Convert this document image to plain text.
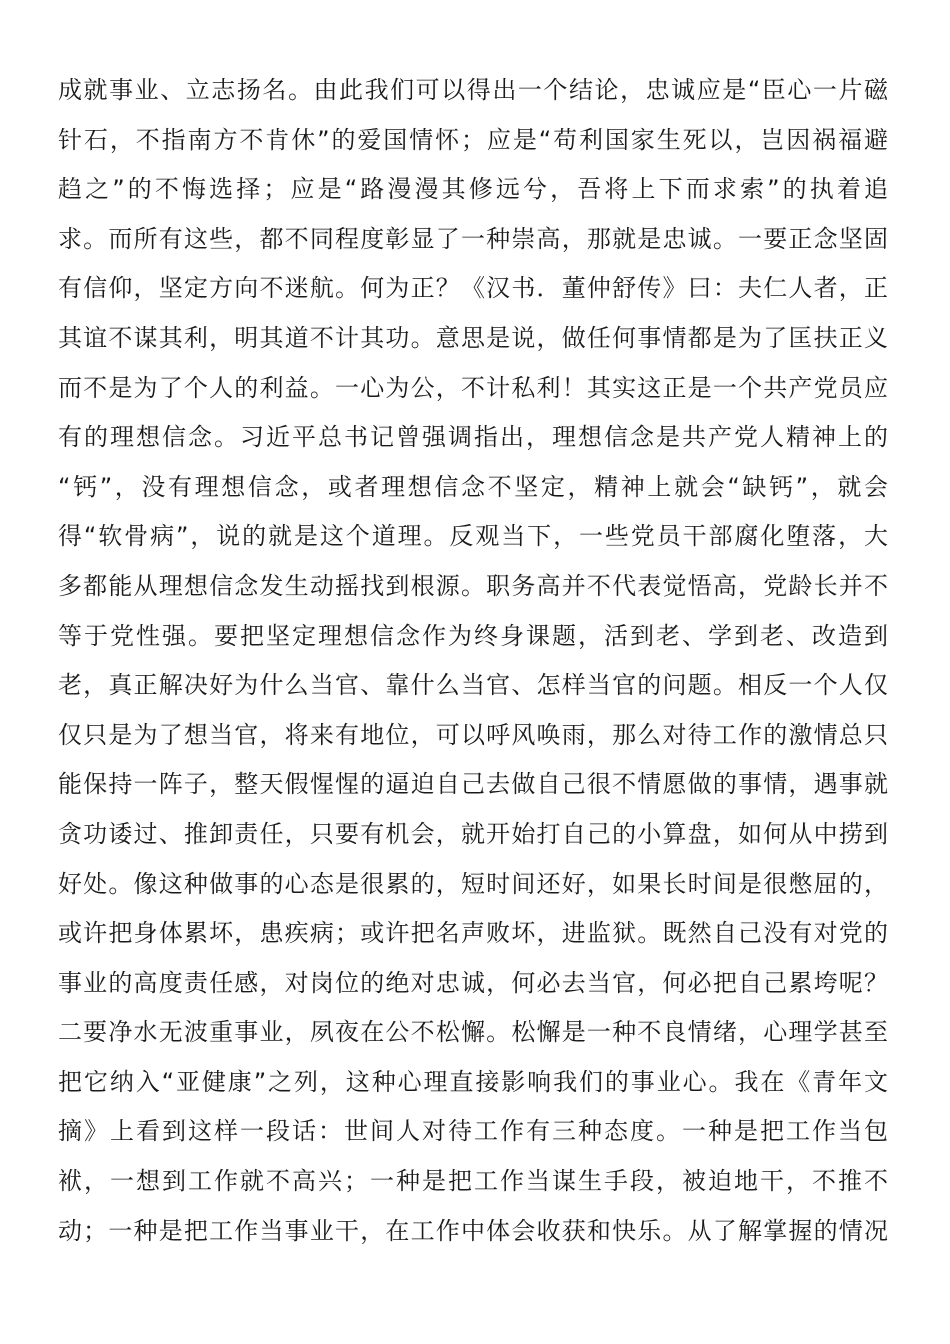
成就事业、立志扬名。由此我们可以得出一个结论，忠诚应是“臣心一片磁
针石，不指南方不肯休”的爱国情怀；应是“苟利国家生死以，岂因祸福避
趋之”的不悔选择；应是“路漫漫其修远兮，吾将上下而求索”的执着追
求。而所有这些，都不同程度彰显了一种崇高，那就是忠诚。一要正念坚固
有信仰，坚定方向不迷航。何为正？《汉书．董仲舒传》曰：夫仁人者，正
其谊不谋其利，明其道不计其功。意思是说，做任何事情都是为了匡扶正义
而不是为了个人的利益。一心为公，不计私利！其实这正是一个共产党员应
有的理想信念。习近平总书记曾强调指出，理想信念是共产党人精神上的
“钙”，没有理想信念，或者理想信念不坚定，精神上就会“缺钙”，就会
得“软骨病”，说的就是这个道理。反观当下，一些党员干部腐化堕落，大
多都能从理想信念发生动摇找到根源。职务高并不代表觉悟高，党龄长并不
等于党性强。要把坚定理想信念作为终身课题，活到老、学到老、改造到
老，真正解决好为什么当官、靠什么当官、怎样当官的问题。相反一个人仅
仅只是为了想当官，将来有地位，可以呼风唤雨，那么对待工作的激情总只
能保持一阵子，整天假惺惺的逼迫自己去做自己很不情愿做的事情，遇事就
贪功诿过、推卸责任，只要有机会，就开始打自己的小算盘，如何从中捞到
好处。像这种做事的心态是很累的，短时间还好，如果长时间是很憋屈的，
或许把身体累坏，患疾病；或许把名声败坏，进监狱。既然自己没有对党的
事业的高度责任感，对岗位的绝对忠诚，何必去当官，何必把自己累垮呢？
二要净水无波重事业，夙夜在公不松懈。松懈是一种不良情绪，心理学甚至
把它纳入“亚健康”之列，这种心理直接影响我们的事业心。我在《青年文
摘》上看到这样一段话：世间人对待工作有三种态度。一种是把工作当包
袱，一想到工作就不高兴；一种是把工作当谋生手段，被迫地干，不推不
动；一种是把工作当事业干，在工作中体会收获和快乐。从了解掌握的情况
